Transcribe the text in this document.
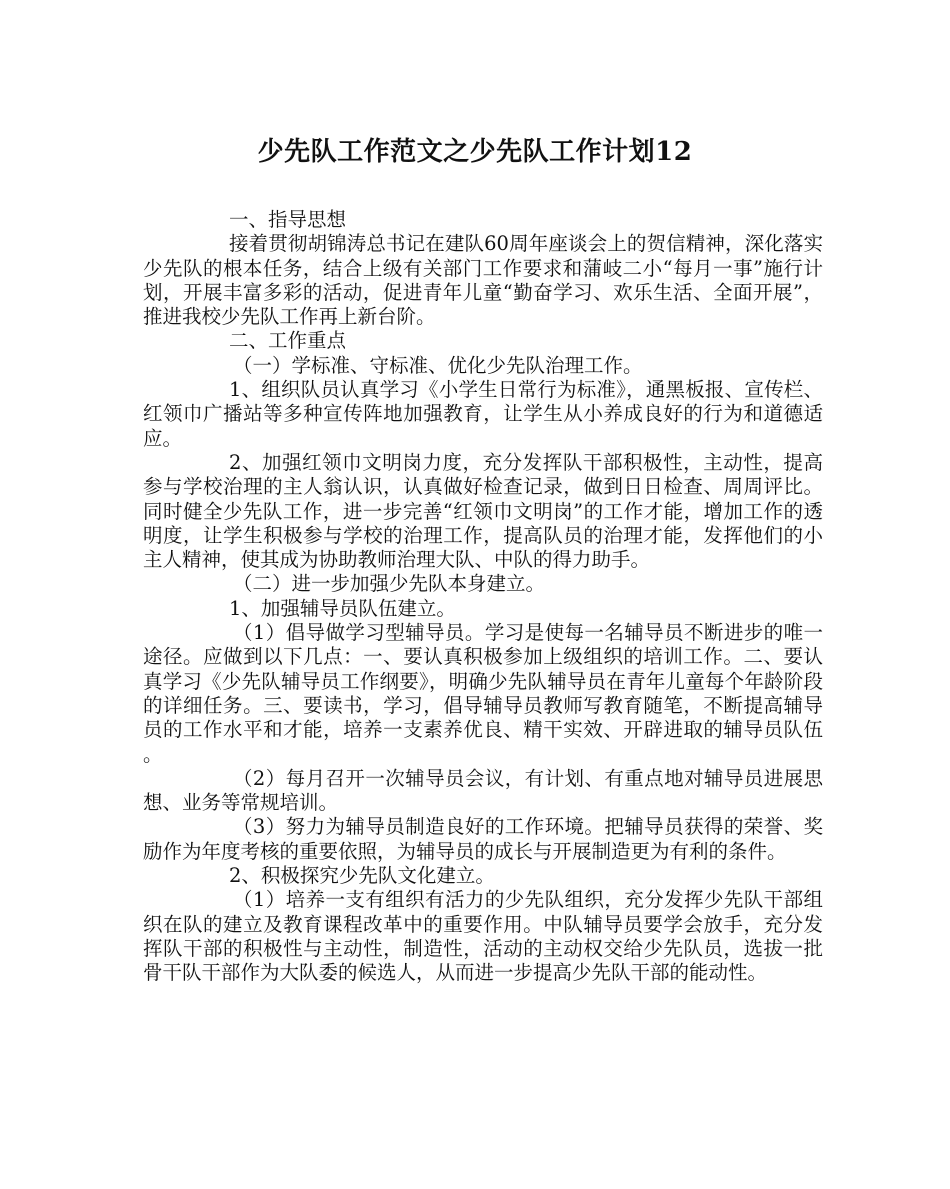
少先队工作范文之少先队工作计划12

一、指导思想

接着贯彻胡锦涛总书记在建队60周年座谈会上的贺信精神，深化落实少先队的根本任务，结合上级有关部门工作要求和蒲岐二小“每月一事”施行计划，开展丰富多彩的活动，促进青年儿童“勤奋学习、欢乐生活、全面开展”，推进我校少先队工作再上新台阶。

二、工作重点

（一）学标准、守标准、优化少先队治理工作。

1、组织队员认真学习《小学生日常行为标准》，通黑板报、宣传栏、红领巾广播站等多种宣传阵地加强教育，让学生从小养成良好的行为和道德适应。

2、加强红领巾文明岗力度，充分发挥队干部积极性，主动性，提高参与学校治理的主人翁认识，认真做好检查记录，做到日日检查、周周评比。同时健全少先队工作，进一步完善“红领巾文明岗”的工作才能，增加工作的透明度，让学生积极参与学校的治理工作，提高队员的治理才能，发挥他们的小主人精神，使其成为协助教师治理大队、中队的得力助手。

（二）进一步加强少先队本身建立。

1、加强辅导员队伍建立。

（1）倡导做学习型辅导员。学习是使每一名辅导员不断进步的唯一途径。应做到以下几点：一、要认真积极参加上级组织的培训工作。二、要认真学习《少先队辅导员工作纲要》，明确少先队辅导员在青年儿童每个年龄阶段的详细任务。三、要读书，学习，倡导辅导员教师写教育随笔，不断提高辅导员的工作水平和才能，培养一支素养优良、精干实效、开辟进取的辅导员队伍。

（2）每月召开一次辅导员会议，有计划、有重点地对辅导员进展思想、业务等常规培训。

（3）努力为辅导员制造良好的工作环境。把辅导员获得的荣誉、奖励作为年度考核的重要依照，为辅导员的成长与开展制造更为有利的条件。

2、积极探究少先队文化建立。

（1）培养一支有组织有活力的少先队组织，充分发挥少先队干部组织在队的建立及教育课程改革中的重要作用。中队辅导员要学会放手，充分发挥队干部的积极性与主动性，制造性，活动的主动权交给少先队员，选拔一批骨干队干部作为大队委的候选人，从而进一步提高少先队干部的能动性。
